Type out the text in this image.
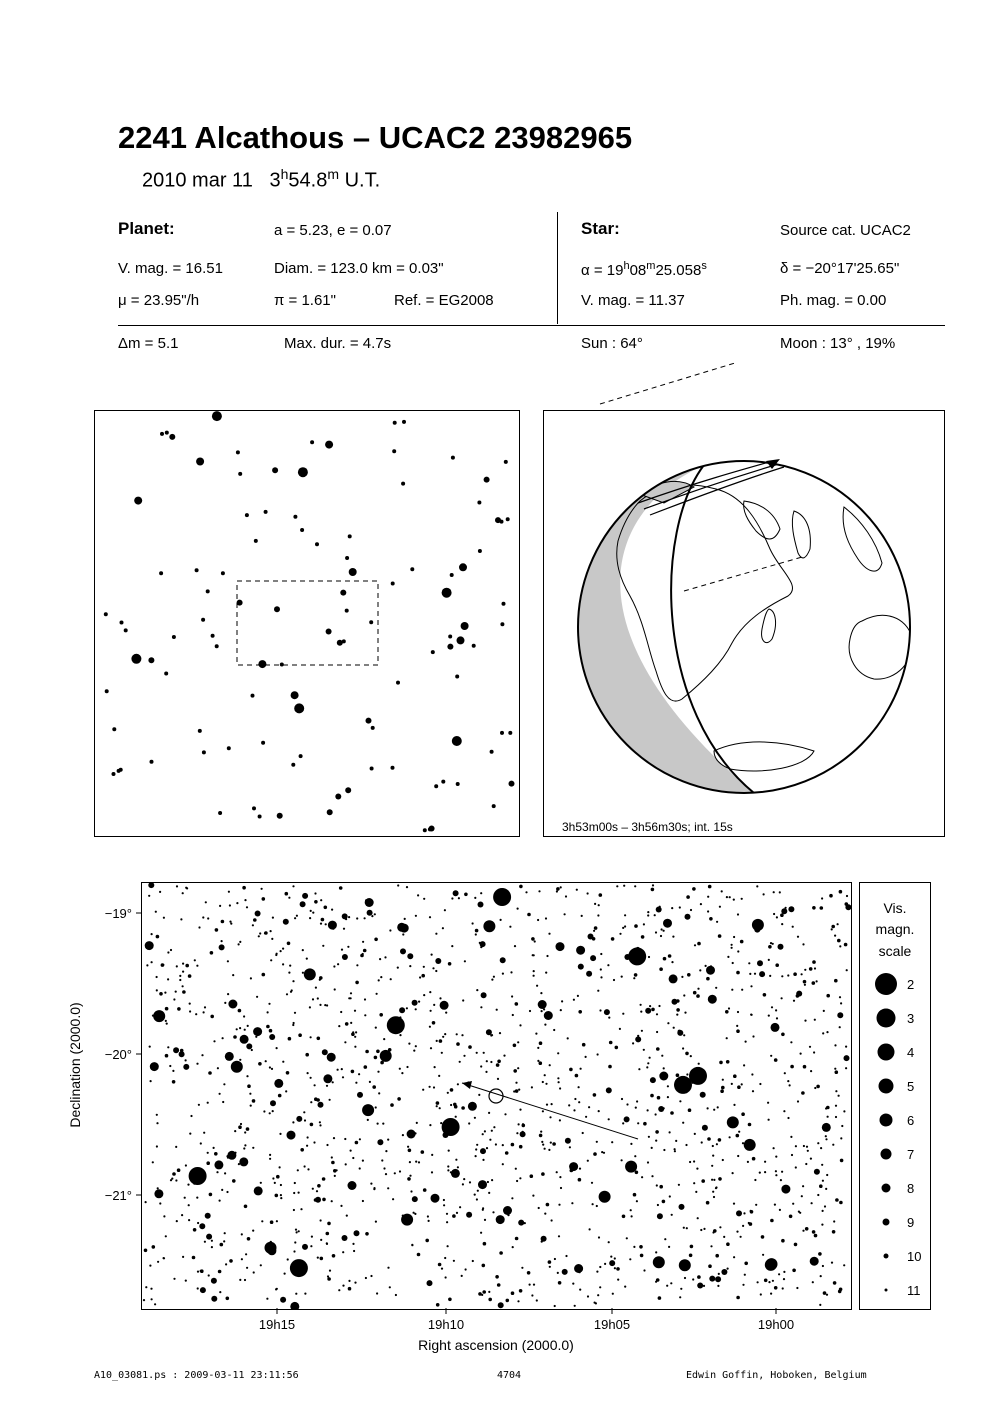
2241 Alcathous – UCAC2 23982965
2010 mar 11 3$^h$54.8$^m$ U.T.
Planet:	a = 5.23, e = 0.07
V. mag. = 16.51	Diam. = 123.0 km = 0.03"
μ = 23.95"/h	π = 1.61"	Ref. = EG2008
Star:	Source cat. UCAC2
$\alpha = 19^h08^m25.058^s$	δ = −20°17'25.65"
V. mag. = 11.37	Ph. mag. = 0.00
Δm = 5.1	Max. dur. = 4.7s	Sun : 64°	Moon : 13° , 19%
3h53m00s – 3h56m30s; int. 15s
−19°
−20°
−21°
Declination (2000.0)
19h15	19h10	19h05	19h00
Right ascension (2000.0)
Vis.
magn.
scale
2
3
4
5
6
7
8
9
10
11
A10_03081.ps : 2009-03-11 23:11:56	4704	Edwin Goffin, Hoboken, Belgium
